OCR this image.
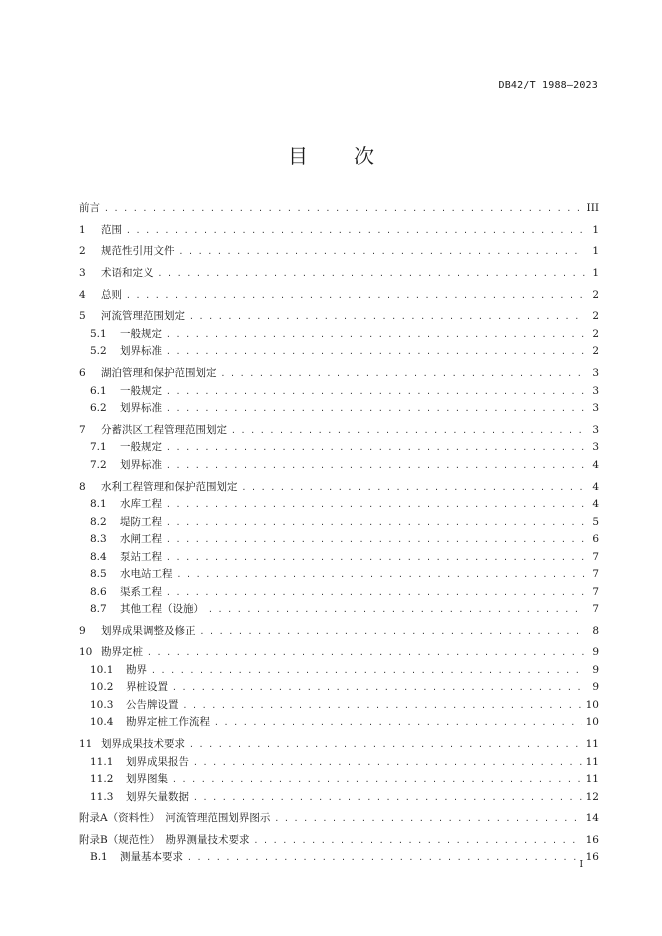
DB42/T 1988—2023
目 次
前言 . . .	III
1	范围 . . .	1
2	规范性引用文件 . . .	1
3	术语和定义 . . .	1
4	总则 . . .	2
5	河流管理范围划定 . . .	2
5.1	一般规定 . . .	2
5.2	划界标准 . . .	2
6	湖泊管理和保护范围划定 . . .	3
6.1	一般规定 . . .	3
6.2	划界标准 . . .	3
7	分蓄洪区工程管理范围划定 . . .	3
7.1	一般规定 . . .	3
7.2	划界标准 . . .	4
8	水利工程管理和保护范围划定 . . .	4
8.1	水库工程 . . .	4
8.2	堤防工程 . . .	5
8.3	水闸工程 . . .	6
8.4	泵站工程 . . .	7
8.5	水电站工程 . . .	7
8.6	渠系工程 . . .	7
8.7	其他工程（设施） . . .	7
9	划界成果调整及修正 . . .	8
10 勘界定桩 . . .	9
10.1	勘界 . . .	9
10.2	界桩设置 . . .	9
10.3	公告牌设置 . . .	10
10.4	勘界定桩工作流程 . . .	10
11 划界成果技术要求 . . .	11
11.1	划界成果报告 . . .	11
11.2	划界图集 . . .	11
11.3	划界矢量数据 . . .	12
附录A（资料性）　河流管理范围划界图示 . . .	14
附录B（规范性）　勘界测量技术要求 . . .	16
B.1	测量基本要求 . . .	16
I
